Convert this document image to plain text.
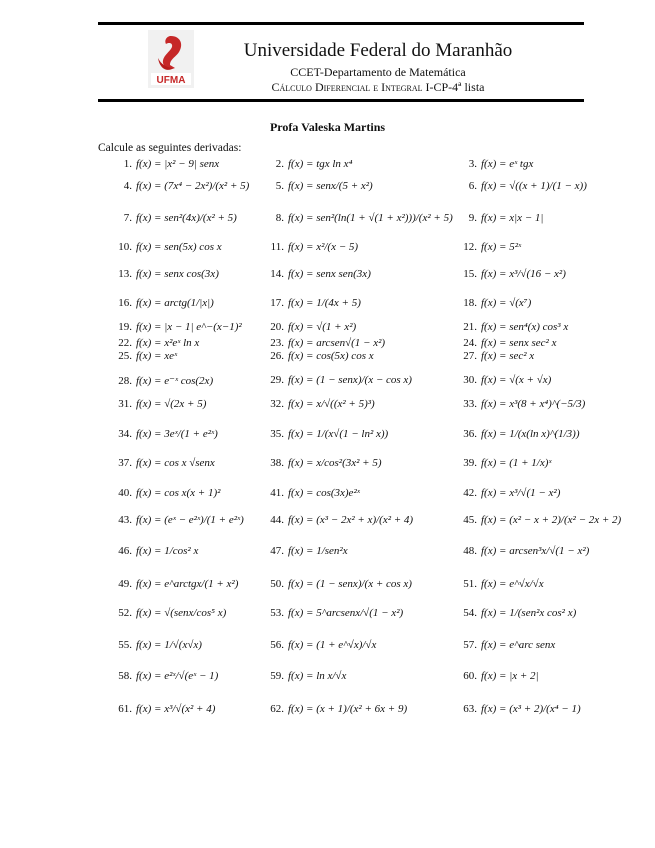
UFMA
Universidade Federal do Maranhão
CCET-Departamento de Matemática
Cálculo Diferencial e Integral I-CP-4ª lista
Profa Valeska Martins
Calcule as seguintes derivadas:
1. f(x) = |x² − 9| senx	2. f(x) = tgx ln x⁴	3. f(x) = eˣ tgx
4. f(x) = (7x⁴ − 2x²)/(x² + 5)	5. f(x) = senx/(5 + x²)	6. f(x) = √((x + 1)/(1 − x))
7. f(x) = sen²(4x)/(x² + 5)	8. f(x) = sen²(ln(1 + √(1 + x²)))/(x² + 5)	9. f(x) = x|x − 1|
10. f(x) = sen(5x) cos x	11. f(x) = x²/(x − 5)	12. f(x) = 5²ˣ
13. f(x) = senx cos(3x)	14. f(x) = senx sen(3x)	15. f(x) = x³/√(16 − x²)
16. f(x) = arctg(1/|x|)	17. f(x) = 1/(4x + 5)	18. f(x) = √(x⁷)
19. f(x) = |x − 1| e^−(x−1)²	20. f(x) = √(1 + x²)	21. f(x) = sen⁴(x) cos³ x
22. f(x) = x²eˣ ln x	23. f(x) = arcsen√(1 − x²)	24. f(x) = senx sec² x
25. f(x) = xeˣ	26. f(x) = cos(5x) cos x	27. f(x) = sec² x
28. f(x) = e⁻ˣ cos(2x)	29. f(x) = (1 − senx)/(x − cos x)	30. f(x) = √(x + √x)
31. f(x) = √(2x + 5)	32. f(x) = x/√((x² + 5)³)	33. f(x) = x³(8 + x⁴)^(−5/3)
34. f(x) = 3eˣ/(1 + e²ˣ)	35. f(x) = 1/(x√(1 − ln² x))	36. f(x) = 1/(x(ln x)^(1/3))
37. f(x) = cos x √senx	38. f(x) = x/cos²(3x² + 5)	39. f(x) = (1 + 1/x)ˣ
40. f(x) = cos x(x + 1)²	41. f(x) = cos(3x)e²ˣ	42. f(x) = x³/√(1 − x²)
43. f(x) = (eˣ − e²ˣ)/(1 + e²ˣ)	44. f(x) = (x³ − 2x² + x)/(x² + 4)	45. f(x) = (x² − x + 2)/(x² − 2x + 2)
46. f(x) = 1/cos² x	47. f(x) = 1/sen²x	48. f(x) = arcsen³x/√(1 − x²)
49. f(x) = e^arctgx/(1 + x²)	50. f(x) = (1 − senx)/(x + cos x)	51. f(x) = e^√x/√x
52. f(x) = √(senx/cos⁵ x)	53. f(x) = 5^arcsenx/√(1 − x²)	54. f(x) = 1/(sen²x cos² x)
55. f(x) = 1/√(x√x)	56. f(x) = (1 + e^√x)/√x	57. f(x) = e^arc senx
58. f(x) = e²ˣ/√(eˣ − 1)	59. f(x) = ln x/√x	60. f(x) = |x + 2|
61. f(x) = x³/√(x² + 4)	62. f(x) = (x + 1)/(x² + 6x + 9)	63. f(x) = (x³ + 2)/(x⁴ − 1)
